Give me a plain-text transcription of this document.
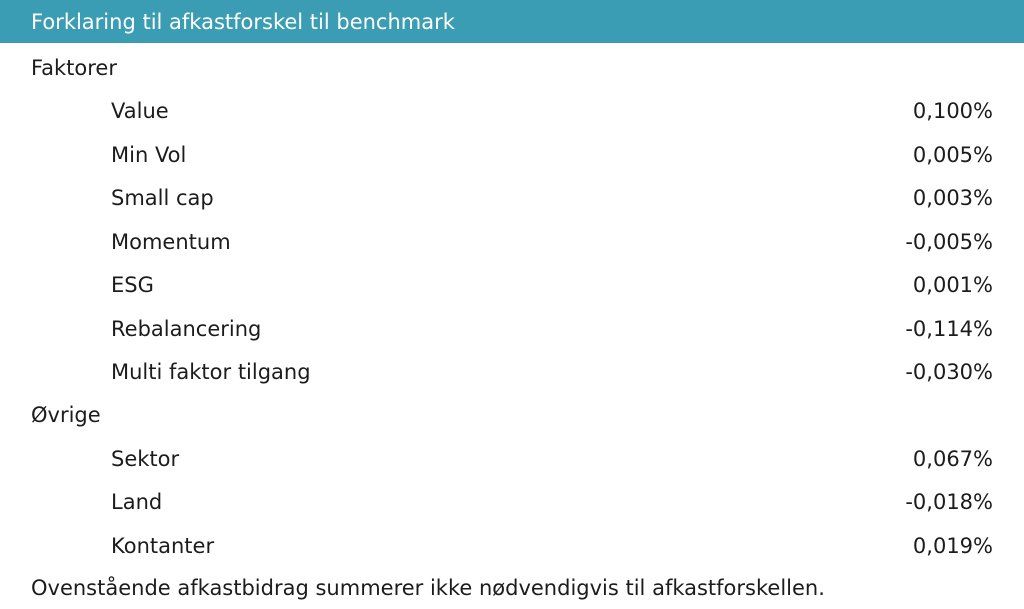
Forklaring til afkastforskel til benchmark
Faktorer
Value	0,100%
Min Vol	0,005%
Small cap	0,003%
Momentum	-0,005%
ESG	0,001%
Rebalancering	-0,114%
Multi faktor tilgang	-0,030%
Øvrige
Sektor	0,067%
Land	-0,018%
Kontanter	0,019%
Ovenstående afkastbidrag summerer ikke nødvendigvis til afkastforskellen.
